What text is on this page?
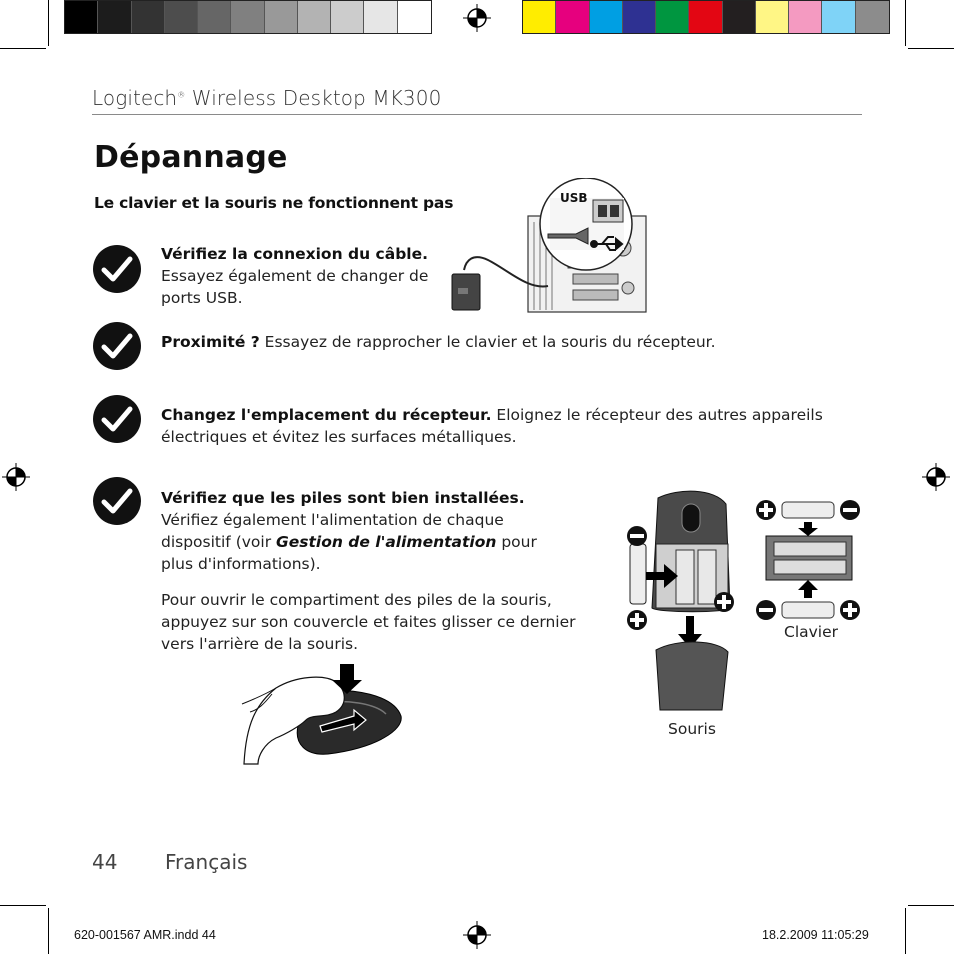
Logitech® Wireless Desktop MK300
Dépannage
Le clavier et la souris ne fonctionnent pas
Vérifiez la connexion du câble.
Essayez également de changer de
ports USB.
Proximité ? Essayez de rapprocher le clavier et la souris du récepteur.
Changez l'emplacement du récepteur. Eloignez le récepteur des autres appareils
électriques et évitez les surfaces métalliques.
Vérifiez que les piles sont bien installées.
Vérifiez également l'alimentation de chaque
dispositif (voir Gestion de l'alimentation pour
plus d'informations).
Pour ouvrir le compartiment des piles de la souris,
appuyez sur son couvercle et faites glisser ce dernier
vers l'arrière de la souris.
USB
Clavier
Souris
44 Français
620-001567 AMR.indd 44	18.2.2009 11:05:29
